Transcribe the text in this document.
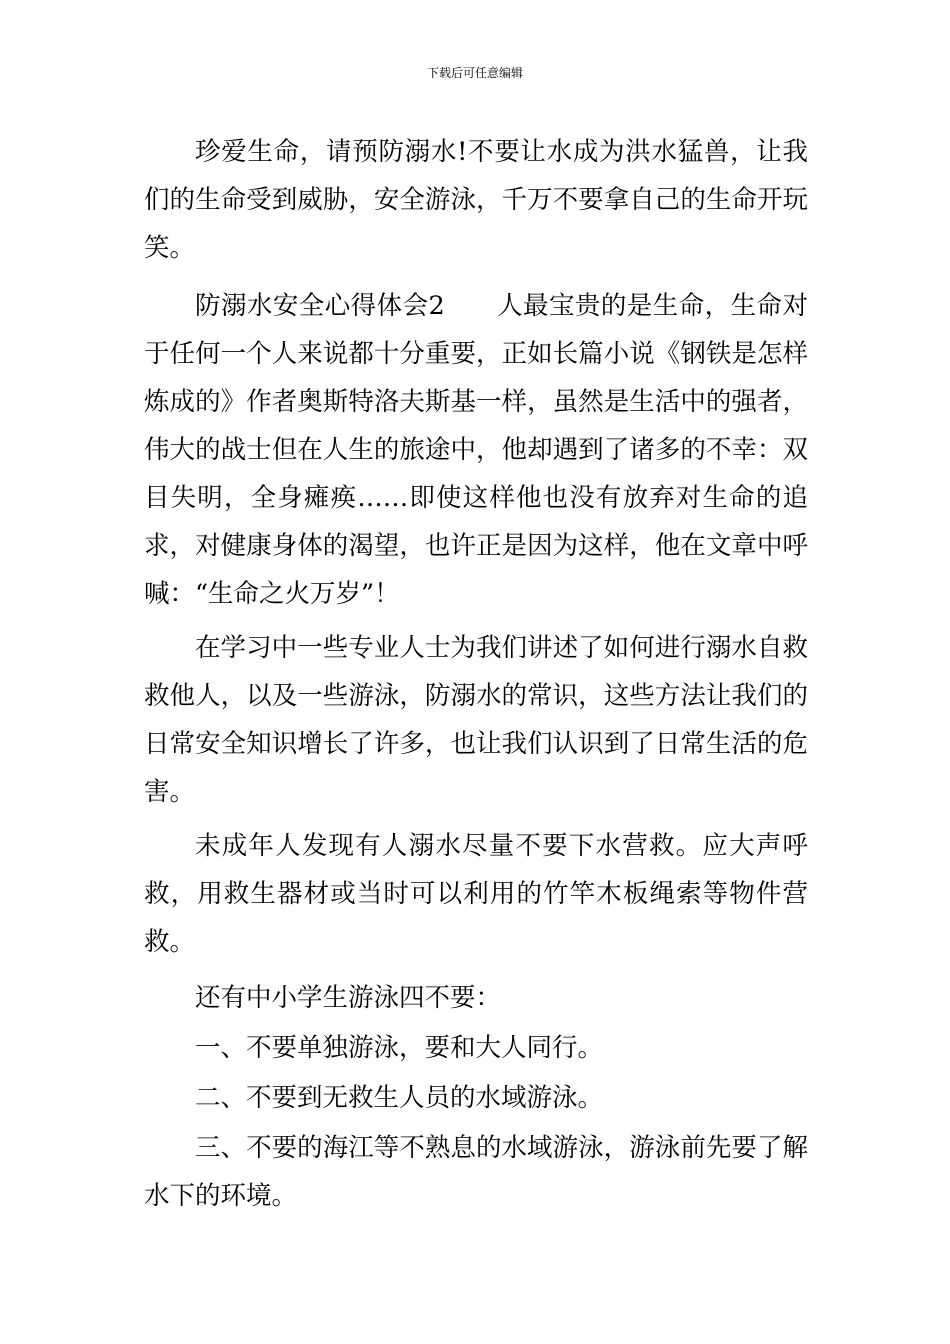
下载后可任意编辑

珍爱生命，请预防溺水!不要让水成为洪水猛兽，让我们的生命受到威胁，安全游泳，千万不要拿自己的生命开玩笑。

防溺水安全心得体会2　　人最宝贵的是生命，生命对于任何一个人来说都十分重要，正如长篇小说《钢铁是怎样炼成的》作者奥斯特洛夫斯基一样，虽然是生活中的强者，伟大的战士但在人生的旅途中，他却遇到了诸多的不幸：双目失明，全身瘫痪……即使这样他也没有放弃对生命的追求，对健康身体的渴望，也许正是因为这样，他在文章中呼喊：“生命之火万岁”！

在学习中一些专业人士为我们讲述了如何进行溺水自救救他人，以及一些游泳，防溺水的常识，这些方法让我们的日常安全知识增长了许多，也让我们认识到了日常生活的危害。

未成年人发现有人溺水尽量不要下水营救。应大声呼救，用救生器材或当时可以利用的竹竿木板绳索等物件营救。

还有中小学生游泳四不要：

一、不要单独游泳，要和大人同行。

二、不要到无救生人员的水域游泳。

三、不要的海江等不熟息的水域游泳，游泳前先要了解水下的环境。
